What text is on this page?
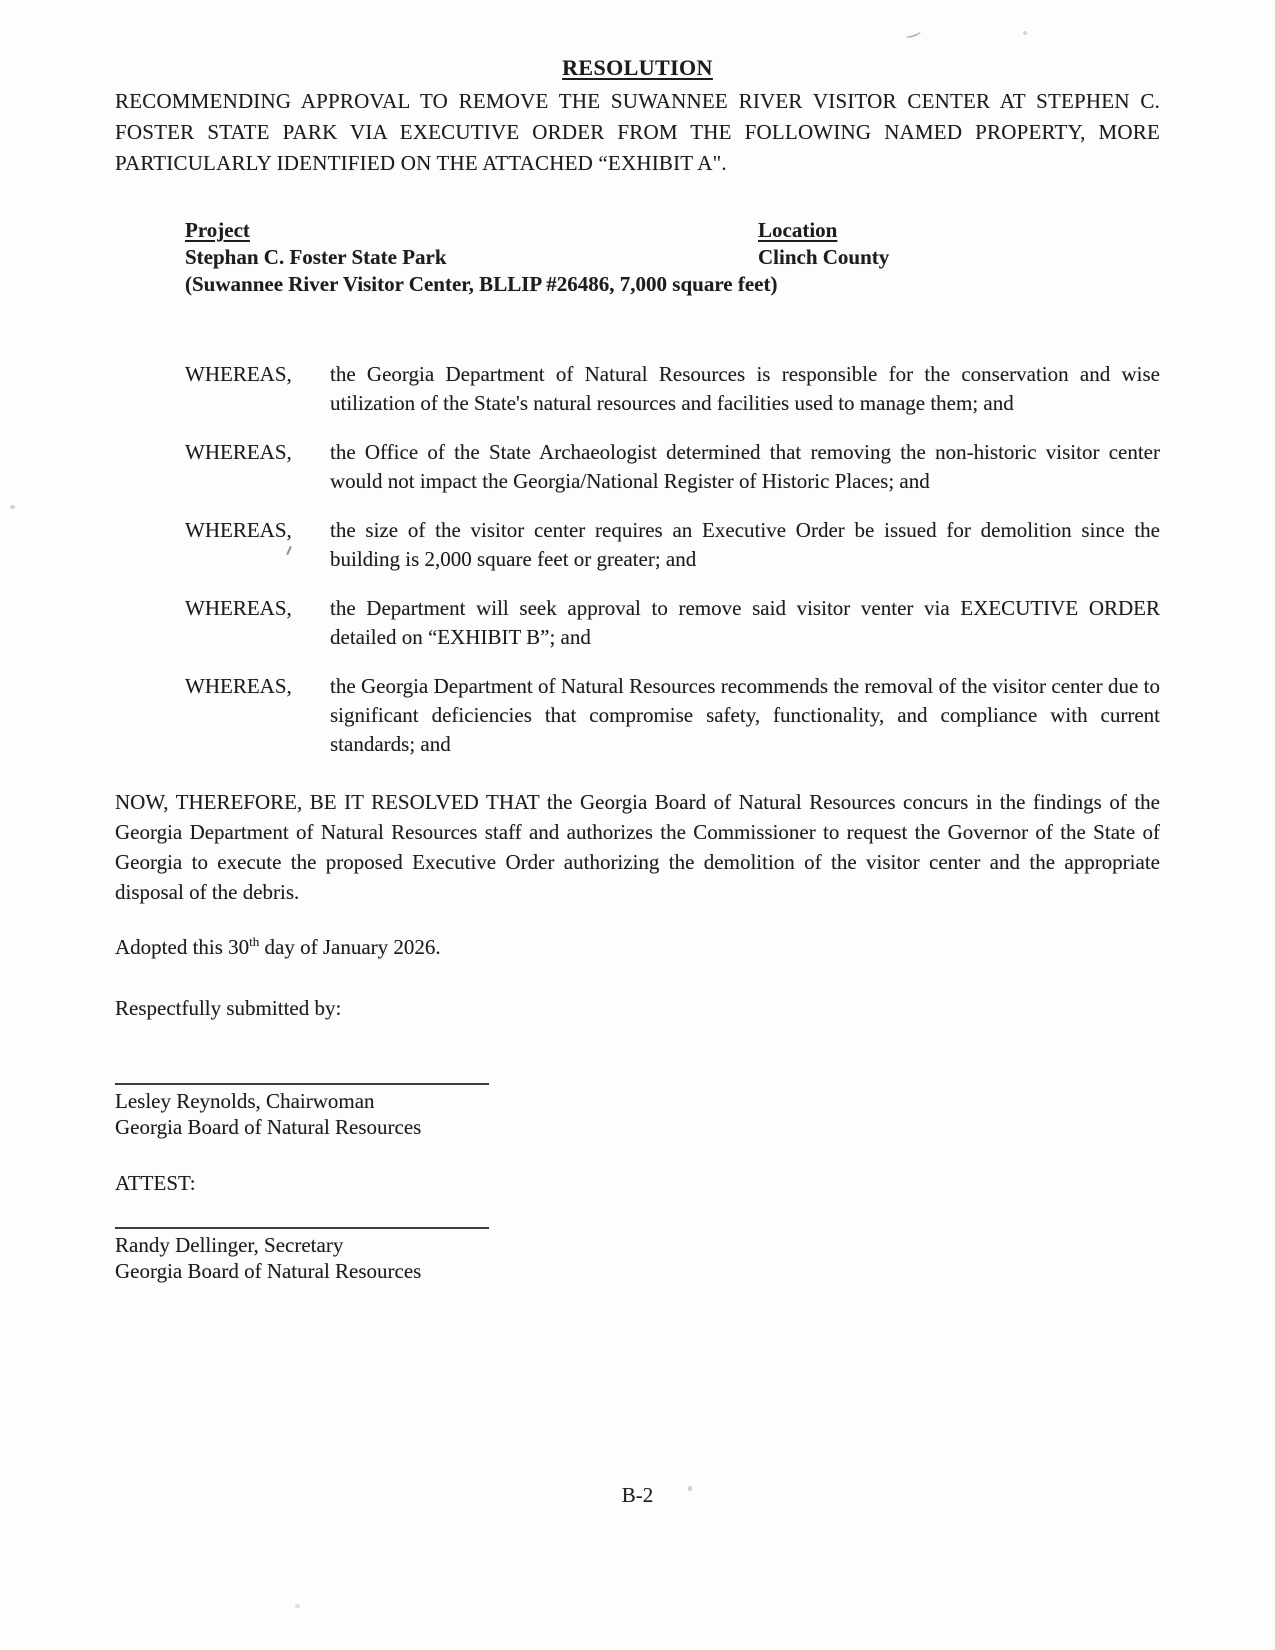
RESOLUTION
RECOMMENDING APPROVAL TO REMOVE THE SUWANNEE RIVER VISITOR CENTER AT STEPHEN C. FOSTER STATE PARK VIA EXECUTIVE ORDER FROM THE FOLLOWING NAMED PROPERTY, MORE PARTICULARLY IDENTIFIED ON THE ATTACHED “EXHIBIT A".
Project	Location
Stephan C. Foster State Park	Clinch County
(Suwannee River Visitor Center, BLLIP #26486, 7,000 square feet)
WHEREAS,	the Georgia Department of Natural Resources is responsible for the conservation and wise utilization of the State's natural resources and facilities used to manage them; and
WHEREAS,	the Office of the State Archaeologist determined that removing the non-historic visitor center would not impact the Georgia/National Register of Historic Places; and
WHEREAS,	the size of the visitor center requires an Executive Order be issued for demolition since the building is 2,000 square feet or greater; and
WHEREAS,	the Department will seek approval to remove said visitor venter via EXECUTIVE ORDER detailed on “EXHIBIT B”; and
WHEREAS,	the Georgia Department of Natural Resources recommends the removal of the visitor center due to significant deficiencies that compromise safety, functionality, and compliance with current standards; and
NOW, THEREFORE, BE IT RESOLVED THAT the Georgia Board of Natural Resources concurs in the findings of the Georgia Department of Natural Resources staff and authorizes the Commissioner to request the Governor of the State of Georgia to execute the proposed Executive Order authorizing the demolition of the visitor center and the appropriate disposal of the debris.
Adopted this 30th day of January 2026.
Respectfully submitted by:
Lesley Reynolds, Chairwoman
Georgia Board of Natural Resources
ATTEST:
Randy Dellinger, Secretary
Georgia Board of Natural Resources
B-2
